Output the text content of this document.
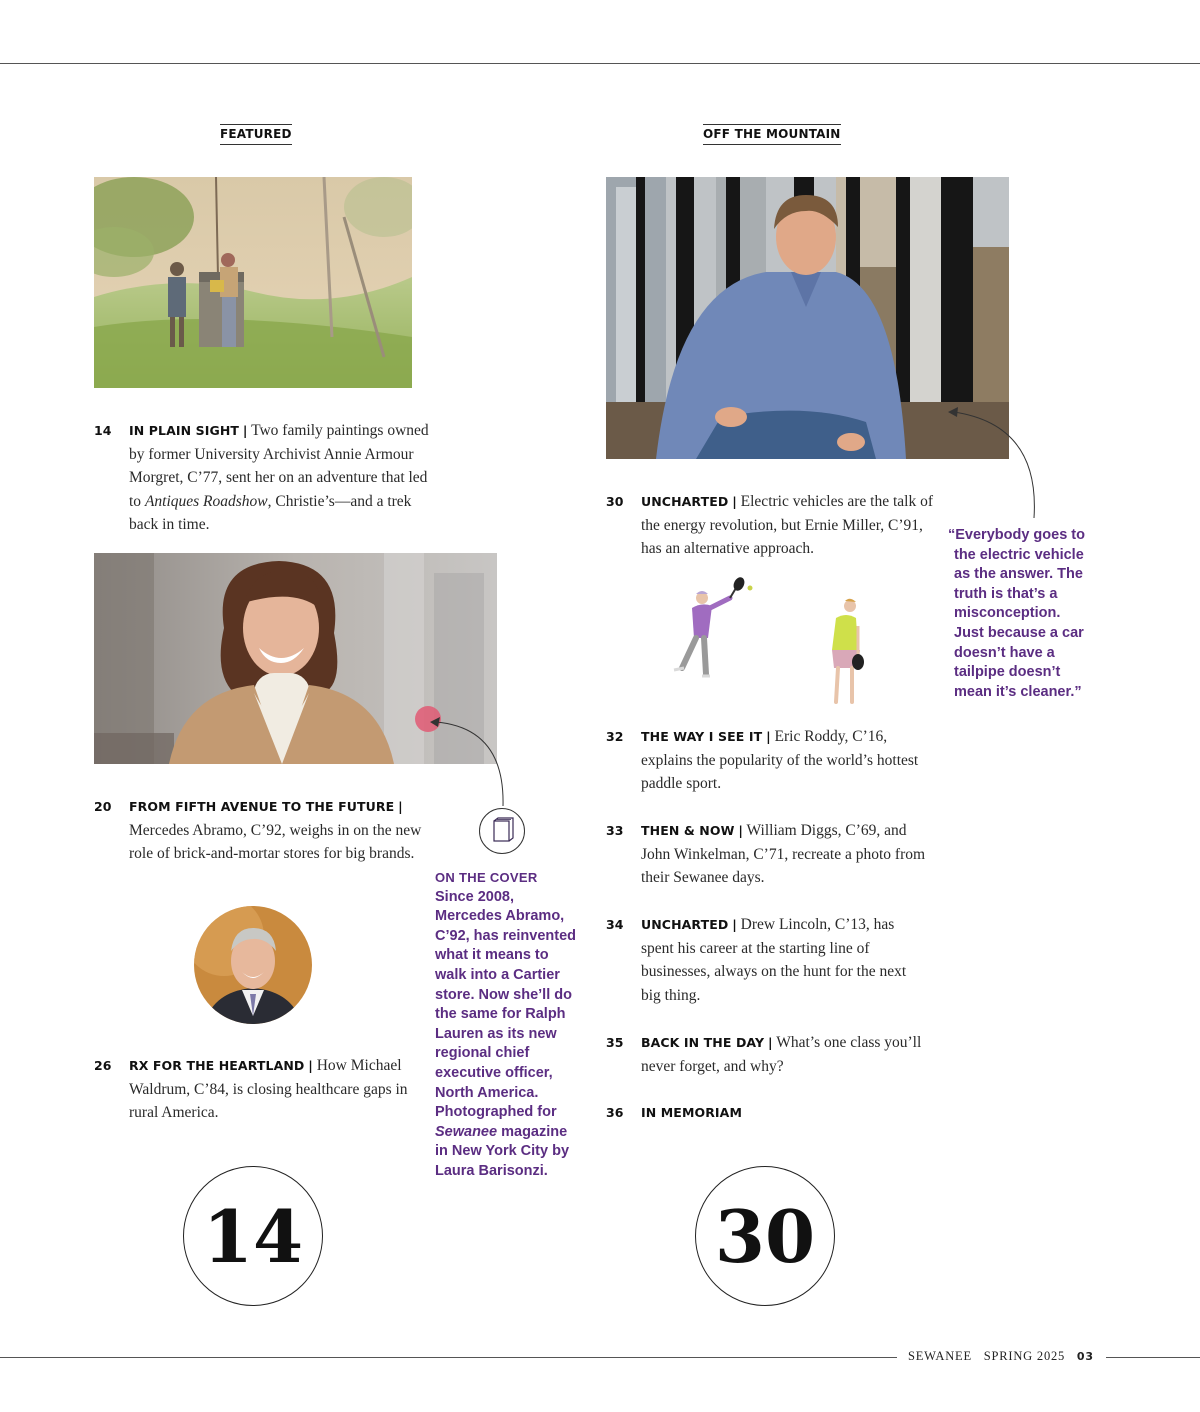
FEATURED	OFF THE MOUNTAIN
14 IN PLAIN SIGHT | Two family paintings owned by former University Archivist Annie Armour Morgret, C’77, sent her on an adventure that led to Antiques Roadshow, Christie’s—and a trek back in time.
20 FROM FIFTH AVENUE TO THE FUTURE |
Mercedes Abramo, C’92, weighs in on the new role of brick-and-mortar stores for big brands.
26 RX FOR THE HEARTLAND | How Michael Waldrum, C’84, is closing healthcare gaps in rural America.
ON THE COVER
Since 2008, Mercedes Abramo, C’92, has reinvented what it means to walk into a Cartier store. Now she’ll do the same for Ralph Lauren as its new regional chief executive officer, North America. Photographed for Sewanee magazine in New York City by Laura Barisonzi.
14
“Everybody goes to the electric vehicle as the answer. The truth is that’s a misconception. Just because a car doesn’t have a tailpipe doesn’t mean it’s cleaner.”
30 UNCHARTED | Electric vehicles are the talk of the energy revolution, but Ernie Miller, C’91, has an alternative approach.
32 THE WAY I SEE IT | Eric Roddy, C’16, explains the popularity of the world’s hottest paddle sport.
33 THEN & NOW | William Diggs, C’69, and John Winkelman, C’71, recreate a photo from their Sewanee days.
34 UNCHARTED | Drew Lincoln, C’13, has spent his career at the starting line of businesses, always on the hunt for the next big thing.
35 BACK IN THE DAY | What’s one class you’ll never forget, and why?
36 IN MEMORIAM
30
SEWANEE SPRING 2025 03
